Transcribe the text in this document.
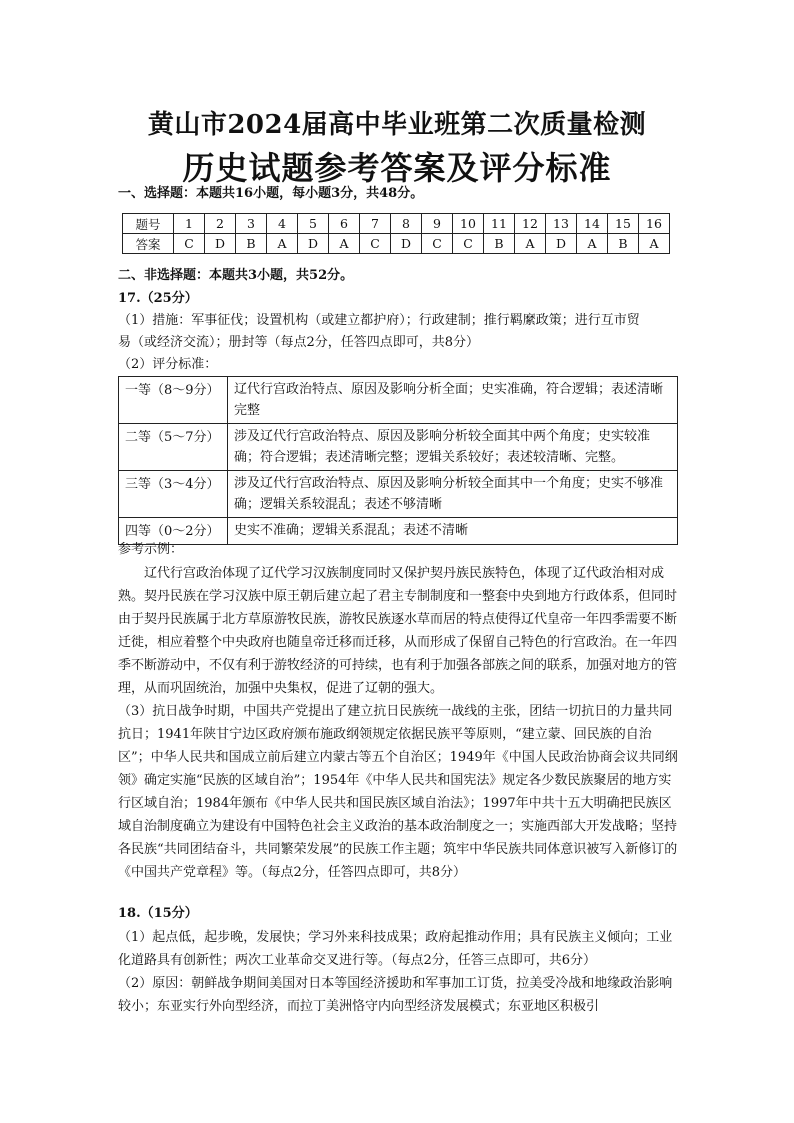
黄山市2024届高中毕业班第二次质量检测
历史试题参考答案及评分标准
一、选择题：本题共16小题，每小题3分，共48分。
题号	1	2	3	4	5	6	7	8	9	10	11	12	13	14	15	16
答案	C	D	B	A	D	A	C	D	C	C	B	A	D	A	B	A
二、非选择题：本题共3小题，共52分。
17.（25分）
（1）措施：军事征伐；设置机构（或建立都护府）；行政建制；推行羁縻政策；进行互市贸
易（或经济交流）；册封等（每点2分，任答四点即可，共8分）
（2）评分标准：
一等（8～9分）	辽代行宫政治特点、原因及影响分析全面；史实准确，符合逻辑；表述清晰完整
二等（5～7分）	涉及辽代行宫政治特点、原因及影响分析较全面其中两个角度；史实较准确；符合逻辑；表述清晰完整；逻辑关系较好；表述较清晰、完整。
三等（3～4分）	涉及辽代行宫政治特点、原因及影响分析较全面其中一个角度；史实不够准确；逻辑关系较混乱；表述不够清晰
四等（0～2分）	史实不准确；逻辑关系混乱；表述不清晰
参考示例：
辽代行宫政治体现了辽代学习汉族制度同时又保护契丹族民族特色，体现了辽代政治相对成熟。契丹民族在学习汉族中原王朝后建立起了君主专制制度和一整套中央到地方行政体系，但同时由于契丹民族属于北方草原游牧民族，游牧民族逐水草而居的特点使得辽代皇帝一年四季需要不断迁徙，相应着整个中央政府也随皇帝迁移而迁移，从而形成了保留自己特色的行宫政治。在一年四季不断游动中，不仅有利于游牧经济的可持续，也有利于加强各部族之间的联系，加强对地方的管理，从而巩固统治，加强中央集权，促进了辽朝的强大。
（3）抗日战争时期，中国共产党提出了建立抗日民族统一战线的主张，团结一切抗日的力量共同抗日；1941年陕甘宁边区政府颁布施政纲领规定依据民族平等原则，“建立蒙、回民族的自治区”；中华人民共和国成立前后建立内蒙古等五个自治区；1949年《中国人民政治协商会议共同纲领》确定实施“民族的区域自治”；1954年《中华人民共和国宪法》规定各少数民族聚居的地方实行区域自治；1984年颁布《中华人民共和国民族区域自治法》；1997年中共十五大明确把民族区域自治制度确立为建设有中国特色社会主义政治的基本政治制度之一；实施西部大开发战略；坚持各民族“共同团结奋斗，共同繁荣发展”的民族工作主题；筑牢中华民族共同体意识被写入新修订的《中国共产党章程》等。（每点2分，任答四点即可，共8分）
18.（15分）
（1）起点低，起步晚，发展快；学习外来科技成果；政府起推动作用；具有民族主义倾向；工业化道路具有创新性；两次工业革命交叉进行等。（每点2分，任答三点即可，共6分）
（2）原因：朝鲜战争期间美国对日本等国经济援助和军事加工订货，拉美受冷战和地缘政治影响较小；东亚实行外向型经济，而拉丁美洲恪守内向型经济发展模式；东亚地区积极引
